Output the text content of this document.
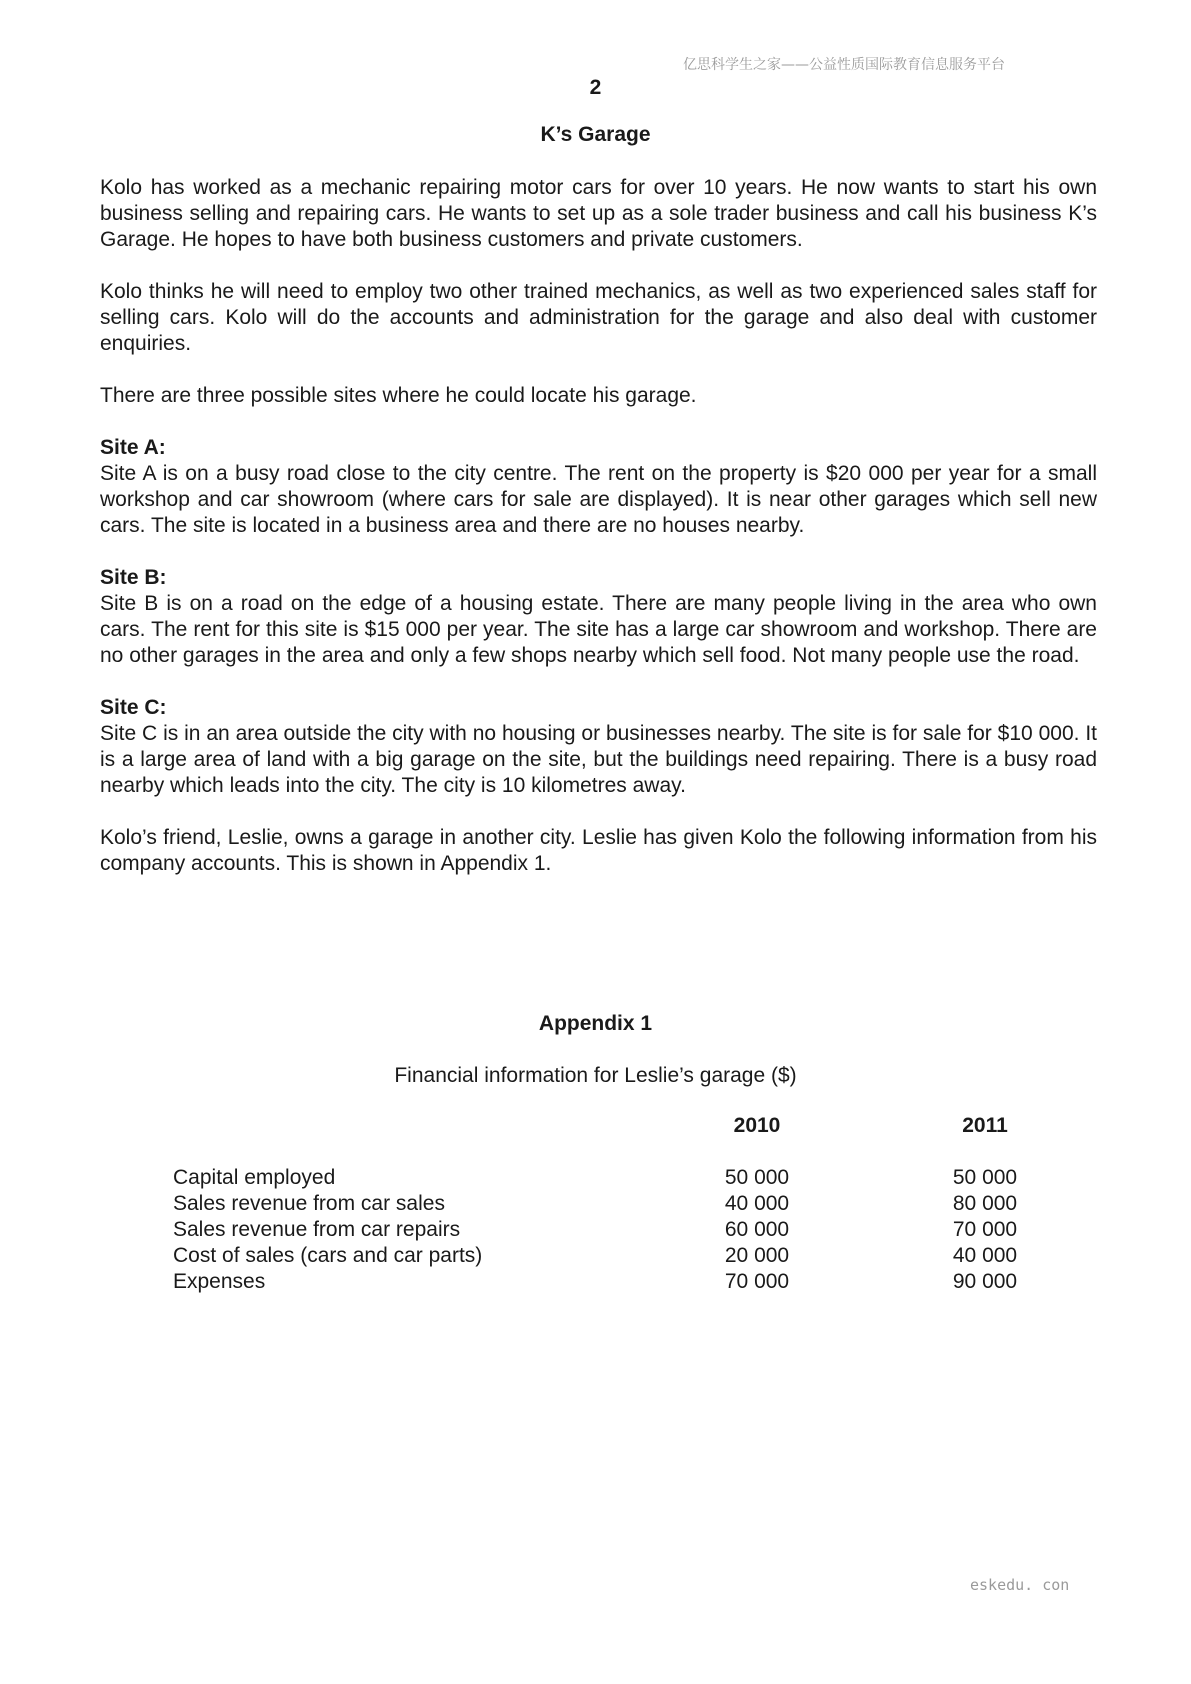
亿思科学生之家——公益性质国际教育信息服务平台
2
K’s Garage

Kolo has worked as a mechanic repairing motor cars for over 10 years. He now wants to start his own business selling and repairing cars. He wants to set up as a sole trader business and call his business K’s Garage. He hopes to have both business customers and private customers.

Kolo thinks he will need to employ two other trained mechanics, as well as two experienced sales staff for selling cars. Kolo will do the accounts and administration for the garage and also deal with customer enquiries.

There are three possible sites where he could locate his garage.

Site A:

Site A is on a busy road close to the city centre. The rent on the property is $20 000 per year for a small workshop and car showroom (where cars for sale are displayed). It is near other garages which sell new cars. The site is located in a business area and there are no houses nearby.

Site B:

Site B is on a road on the edge of a housing estate. There are many people living in the area who own cars. The rent for this site is $15 000 per year. The site has a large car showroom and workshop. There are no other garages in the area and only a few shops nearby which sell food. Not many people use the road.

Site C:

Site C is in an area outside the city with no housing or businesses nearby. The site is for sale for $10 000. It is a large area of land with a big garage on the site, but the buildings need repairing. There is a busy road nearby which leads into the city. The city is 10 kilometres away.

Kolo’s friend, Leslie, owns a garage in another city. Leslie has given Kolo the following information from his company accounts. This is shown in Appendix 1.

Appendix 1
Financial information for Leslie’s garage ($)
	2010	2011
Capital employed	50 000	50 000
Sales revenue from car sales	40 000	80 000
Sales revenue from car repairs	60 000	70 000
Cost of sales (cars and car parts)	20 000	40 000
Expenses	70 000	90 000
eskedu. con
